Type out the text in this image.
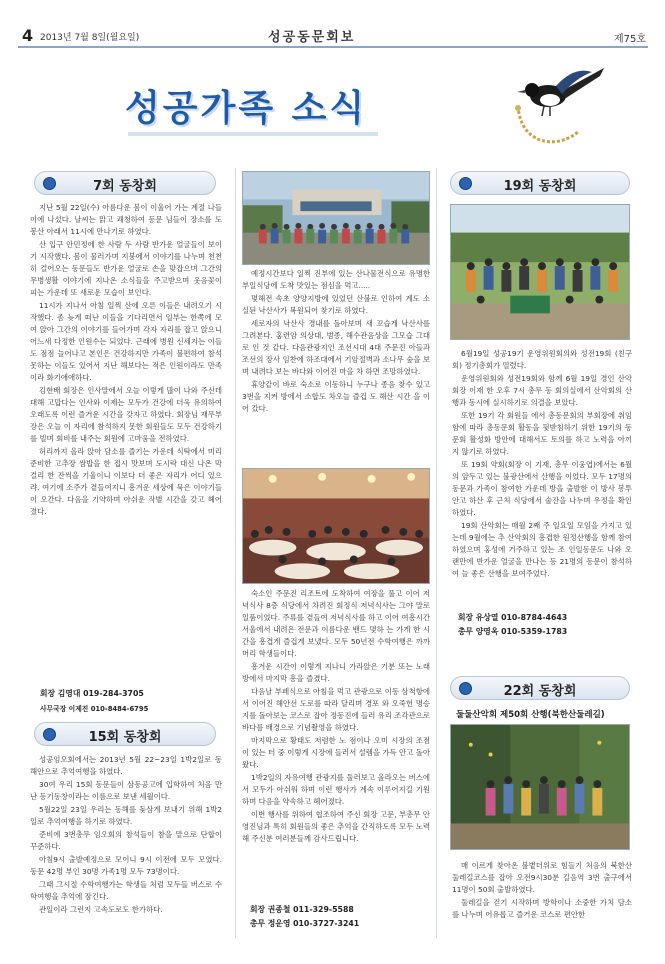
4 2013년 7월 8일(월요일)	성공동문회보	제75호
성공가족 소식
7회 동창회

지난 5월 22일(수) 아름다운 봄이 이울어 가는 계절 나들이에 나섰다. 날씨는 맑고 쾌청하여 동문 님들이 장소를 도봉산 아래서 11시에 만나기로 하였다.

산 입구 안민정에 한 사람 두 사람 반가운 얼굴들이 보이기 시작했다. 봄이 물러가며 지붕에서 이야기를 나누며 천천히 걸어오는 동문들도 반가운 얼굴로 손을 맞잡으며 그간의 무병생활 이야기에 지나온 소식들을 주고받으며 웃음꽃이 피는 가운데 또 새로운 모습이 보인다.

11시가 지나서 아침 일찍 산에 오른 이들은 내려오기 시작했다. 좀 늦게 떠난 이들을 기다리면서 일부는 한쪽에 모여 앉아 그간의 이야기를 들어가며 각자 자리를 잡고 앉으니 어느새 다정한 인원수는 되었다. 근래에 병원 신세지는 이들도 점점 늘어나고 본인은 건강하지만 가족이 불편하여 참석 못하는 이들도 있어서 지난 해보다는 적은 인원이라도 만족이라 화기애애하다.

김현배 회장은 인사말에서 오늘 이렇게 많이 나와 주신데 대해 고맙다는 인사와 이제는 모두가 건강에 더욱 유의하여 오래도록 이런 즐거운 시간을 갖자고 하였다. 회장님 재무부장은 오늘 이 자리에 참석하지 못한 회원들도 모두 건강하기를 빌며 회비를 내주는 회원에 고마움을 전하였다.

허리까지 올라 앉아 담소를 즐기는 가운데 식탁에서 미리 준비한 고추장 쌈밥을 한 접시 맛보며 도시락 대신 나온 막걸리 한 잔씩을 기울이니 이보다 더 좋은 자리가 어디 있으랴. 여기에 소주가 곁들여지니 흥겨운 세상에 묵은 이야기들이 오간다. 다음을 기약하며 아쉬운 작별 시간을 갖고 헤어졌다.

회장 김영대 019-284-3705
사무국장 이제진 010-8484-6795
15회 동창회

성공임오회에서는 2013년 5월 22~23일 1박2일로 동해안으로 추억여행을 하였다.

30여 우리 15회 동문들이 삼동공고에 입학하여 처음 만난 동기동창이라는 이름으로 보낸 세월이다.

5월22일 23일 우리는 동해를 돛삼게 보내기 위해 1박2일로 추억여행을 하기로 하였다.

준비에 3번총무 임오회의 참석들이 참을 맡으로 단합이 꾸준하다.

아침9시 출발예정으로 모이니 9시 이전에 모두 모였다. 동문 42명 부인 30명 가족1명 모두 73명이다.

그때 그시절 수학여행가는 학생들 처럼 모두들 버스로 수학여행을 추억에 잠긴다.

관일이라 그런지 고속도로도 한가하다.

예정시간보다 일찍 진부에 있는 산나물전식으로 유명한 부일식당에 도착 맛있는 점심을 먹고.....

몇해전 속초 양양지방에 있었던 산불로 인하여 계도 소실된 낙산사가 복원되어 찾기로 하였다.

세로자의 낙산사 경내를 돌아보며 새 꼬습게 낙산사를 그려본다. 홍련암 의상대, 범종, 해수관음상을 그모습 그대로 인 것 같다. 다음관광지인 조선시대 4대 주문진 아들과 조선의 장사 임찬에 하조대에서 기암절벽과 소나무 숲을 보며 내려다 보는 바다와 이어진 마을 차 하면 조망하였다.

휴양같이 바로 숙소로 이동하니 누구나 종음 찾수 있고 3번을 지켜 방에서 소합도 차오늘 즐겁 도 해산 시간 을 이어 갔다.

숙소인 주문진 리조트에 도착하여 여장을 풀고 이어 저녁식사 8층 식당에서 차려진 회정식 저녁식사는 그야 말로 일품이었다. 주류를 곁들여 저녁식사를 하고 이어 여흥시간 서울에서 내려온 전문과 이름다운 밴드 몇하 는 가게 한 시간을 흥겹게 즐겁게 보냈다. 모두 50년전 수학여행은 까까머리 학생들이다.

흥겨운 시간이 이렇게 지나니 가라앉은 기분 또는 노래방에서 마지막 흥을 즐겼다.

다음날 부페식으로 아침을 먹고 관광으로 이동 삼척항에서 이어진 해안선 도로를 따라 달리며 경포 와 오죽헌 명승지를 돌아보는 코스로 잡아 정동진에 들러 유리 조각관으로 바다를 배경으로 기념촬영을 하였다.

마지막으로 황태도 저렴한 노 점이나 오미 시장의 조점이 있는 터 중 이렇게 시장에 들러서 설렘을 가득 안고 돌아왔다.

1박2일의 자유여행 관광지를 둘러보고 올라오는 버스에서 모두가 아쉬워 하며 이런 행사가 계속 이루어지길 기원하며 다음을 약속하고 헤어졌다.

이번 행사를 위하여 협조하여 주신 회장 고문, 부총무 안영진님과 특히 회원들의 좋은 추억을 간직하도록 모두 노력해 주신분 여러분들께 감사드립니다.

회장 권종철 011-329-5588
총무 정운영 010-3727-3241
19회 동창회

6월19일 성공19기 운영위원회의와 성전19회 (친구회) 정기총회가 열렸다.

운영위원회와 성전19회와 함께 6월 19일 경인 산악 회장 이재 한 오후 7시 총무 동 회의실에서 산악회의 산행과 동시에 실시하기로 의결을 보았다.

또한 19기 각 회원들 에서 총동문회의 부회장에 취임함에 따라 총동문회 활동을 뒷받침하기 위한 19기의 동문회 활성화 방안에 대해서도 토의를 하고 노력을 아끼지 않기로 하였다.

또 19회 약회(회장 이 기재, 총무 이웅엽)에서는 6월의 앞두고 있는 불광산에서 산행을 이었다. 모두 17명의 동문과 가족이 참여한 가운데 방을 출발한 이 방사 봉투 안고 하산 후 근처 식당에서 술잔을 나누며 우정을 확인하였다.

19회 산악회는 매월 2째 주 일요일 모임을 가지고 있는데 9월에는 추 산악회의 흥겹한 원정산행을 함께 참여하였으며 홍성에 거주하고 있는 조 인일동문도 나와 오랜만에 반가운 얼굴을 만나는 등 21명의 동문이 참석하여 늘 좋은 산행을 보여주었다.

회장 유상열 010-8784-4643
총무 양영옥 010-5359-1783
22회 동창회
둘둘산악회 제50회 산행(북한산둘레길)

매 이르게 찾아온 불볕더위로 힘들기 처음의 북한산 둘레길코스를 잡아 오전9시30분 길음역 3번 출구에서 11명이 50회 출발하였다.

둘레길을 걷기 시작하며 방학이나 소중한 가치 담소를 나누며 어유롭고 즐거운 코스로 편안한
